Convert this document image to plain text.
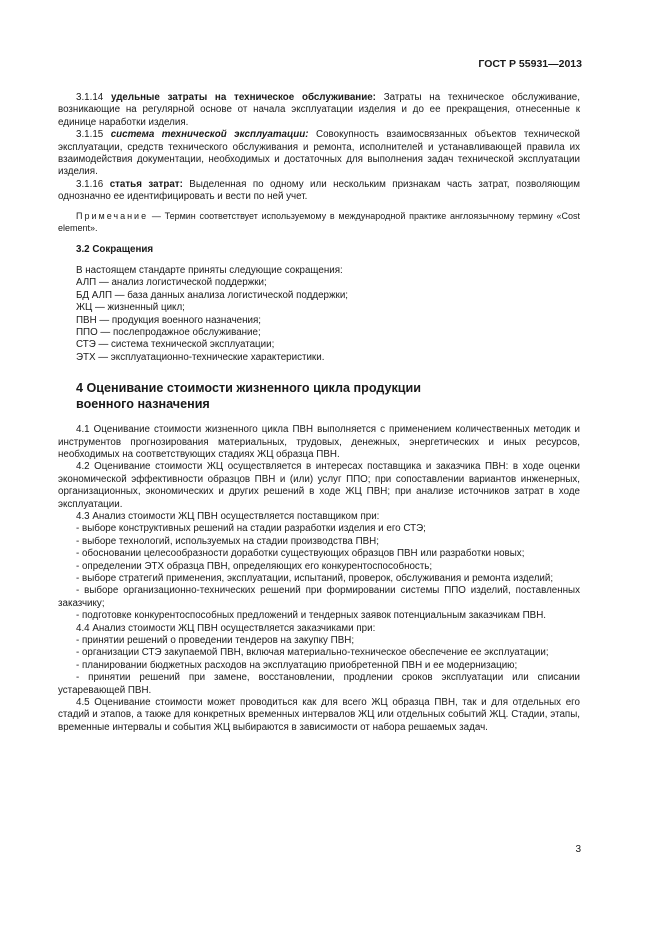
ГОСТ Р 55931—2013

3.1.14 удельные затраты на техническое обслуживание: Затраты на техническое обслуживание, возникающие на регулярной основе от начала эксплуатации изделия и до ее прекращения, отнесенные к единице наработки изделия.

3.1.15 система технической эксплуатации: Совокупность взаимосвязанных объектов технической эксплуатации, средств технического обслуживания и ремонта, исполнителей и устанавливающей правила их взаимодействия документации, необходимых и достаточных для выполнения задач технической эксплуатации изделия.

3.1.16 статья затрат: Выделенная по одному или нескольким признакам часть затрат, позволяющим однозначно ее идентифицировать и вести по ней учет.

Примечание — Термин соответствует используемому в международной практике англоязычному термину «Cost element».

3.2 Сокращения

В настоящем стандарте приняты следующие сокращения:

АЛП — анализ логистической поддержки;
БД АЛП — база данных анализа логистической поддержки;
ЖЦ — жизненный цикл;
ПВН — продукция военного назначения;
ППО — послепродажное обслуживание;
СТЭ — система технической эксплуатации;
ЭТХ — эксплуатационно-технические характеристики.

4 Оценивание стоимости жизненного цикла продукции
военного назначения

4.1 Оценивание стоимости жизненного цикла ПВН выполняется с применением количественных методик и инструментов прогнозирования материальных, трудовых, денежных, энергетических и иных ресурсов, необходимых на соответствующих стадиях ЖЦ образца ПВН.

4.2 Оценивание стоимости ЖЦ осуществляется в интересах поставщика и заказчика ПВН: в ходе оценки экономической эффективности образцов ПВН и (или) услуг ППО; при сопоставлении вариантов инженерных, организационных, экономических и других решений в ходе ЖЦ ПВН; при анализе источников затрат в ходе эксплуатации.

4.3 Анализ стоимости ЖЦ ПВН осуществляется поставщиком при:

- выборе конструктивных решений на стадии разработки изделия и его СТЭ;

- выборе технологий, используемых на стадии производства ПВН;

- обосновании целесообразности доработки существующих образцов ПВН или разработки новых;

- определении ЭТХ образца ПВН, определяющих его конкурентоспособность;

- выборе стратегий применения, эксплуатации, испытаний, проверок, обслуживания и ремонта изделий;

- выборе организационно-технических решений при формировании системы ППО изделий, поставленных заказчику;

- подготовке конкурентоспособных предложений и тендерных заявок потенциальным заказчикам ПВН.

4.4 Анализ стоимости ЖЦ ПВН осуществляется заказчиками при:

- принятии решений о проведении тендеров на закупку ПВН;

- организации СТЭ закупаемой ПВН, включая материально-техническое обеспечение ее эксплуатации;

- планировании бюджетных расходов на эксплуатацию приобретенной ПВН и ее модернизацию;

- принятии решений при замене, восстановлении, продлении сроков эксплуатации или списании устаревающей ПВН.

4.5 Оценивание стоимости может проводиться как для всего ЖЦ образца ПВН, так и для отдельных его стадий и этапов, а также для конкретных временных интервалов ЖЦ или отдельных событий ЖЦ. Стадии, этапы, временные интервалы и события ЖЦ выбираются в зависимости от набора решаемых задач.

3
